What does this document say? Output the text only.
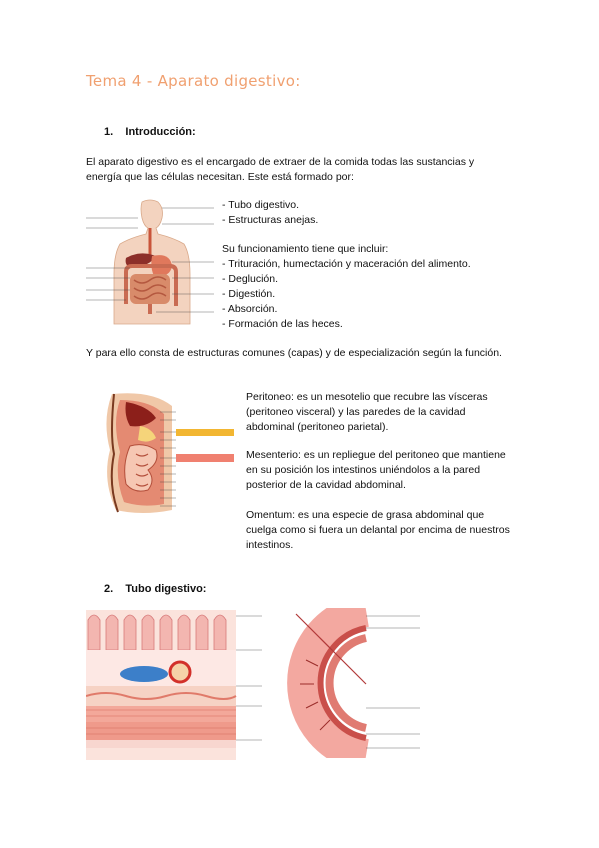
Tema 4 - Aparato digestivo:
1.    Introducción:
El aparato digestivo es el encargado de extraer de la comida todas las sustancias y energía que las células necesitan. Este está formado por:
- Tubo digestivo.
- Estructuras anejas.
Su funcionamiento tiene que incluir:
- Trituración, humectación y maceración del alimento.
- Deglución.
- Digestión.
- Absorción.
- Formación de las heces.
Y para ello consta de estructuras comunes (capas) y de especialización según la función.
Peritoneo: es un mesotelio que recubre las vísceras (peritoneo visceral) y las paredes de la cavidad abdominal (peritoneo parietal).
Mesenterio: es un repliegue del peritoneo que mantiene en su posición los intestinos uniéndolos a la pared posterior de la cavidad abdominal.
Omentum: es una especie de grasa abdominal que cuelga como si fuera un delantal por encima de nuestros intestinos.
2.    Tubo digestivo:
